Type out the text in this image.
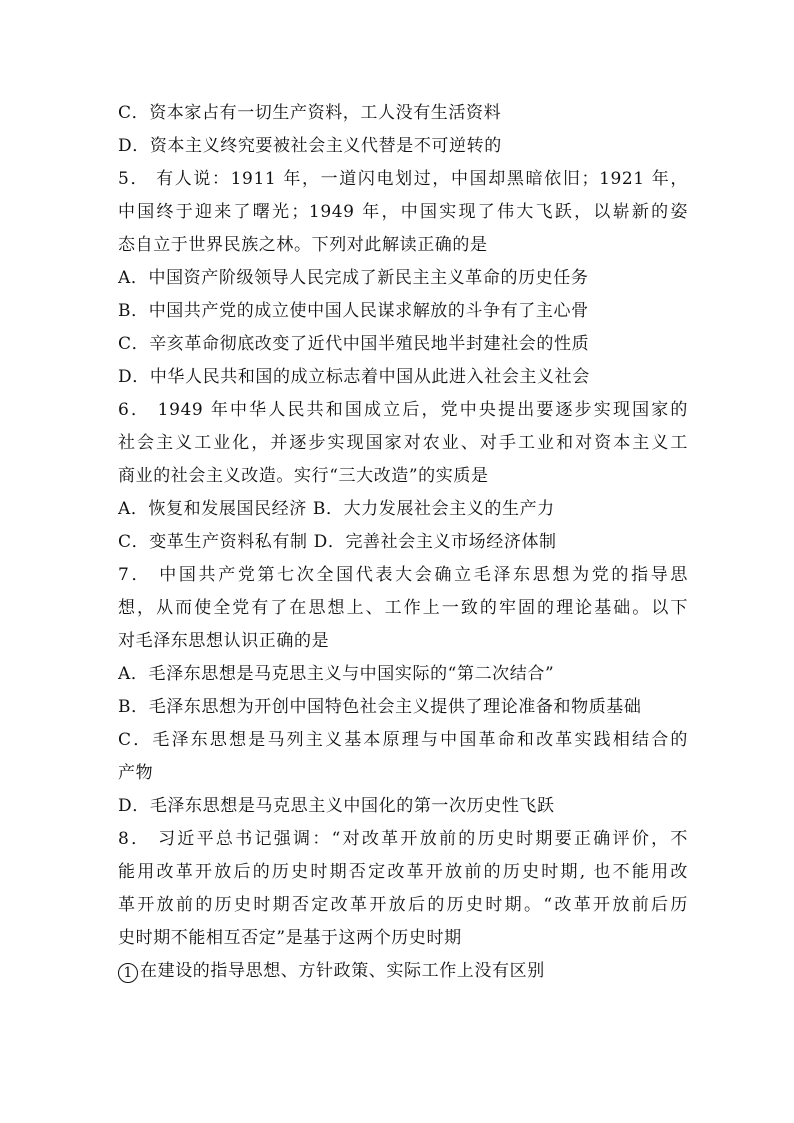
C．资本家占有一切生产资料，工人没有生活资料
D．资本主义终究要被社会主义代替是不可逆转的
5． 有人说：1911 年，一道闪电划过，中国却黑暗依旧；1921 年，
中国终于迎来了曙光；1949 年，中国实现了伟大飞跃，以崭新的姿
态自立于世界民族之林。下列对此解读正确的是
A．中国资产阶级领导人民完成了新民主主义革命的历史任务
B．中国共产党的成立使中国人民谋求解放的斗争有了主心骨
C．辛亥革命彻底改变了近代中国半殖民地半封建社会的性质
D．中华人民共和国的成立标志着中国从此进入社会主义社会
6． 1949 年中华人民共和国成立后，党中央提出要逐步实现国家的
社会主义工业化，并逐步实现国家对农业、对手工业和对资本主义工
商业的社会主义改造。实行“三大改造”的实质是
A．恢复和发展国民经济 B．大力发展社会主义的生产力
C．变革生产资料私有制 D．完善社会主义市场经济体制
7． 中国共产党第七次全国代表大会确立毛泽东思想为党的指导思
想，从而使全党有了在思想上、工作上一致的牢固的理论基础。以下
对毛泽东思想认识正确的是
A．毛泽东思想是马克思主义与中国实际的“第二次结合”
B．毛泽东思想为开创中国特色社会主义提供了理论准备和物质基础
C．毛泽东思想是马列主义基本原理与中国革命和改革实践相结合的
产物
D．毛泽东思想是马克思主义中国化的第一次历史性飞跃
8． 习近平总书记强调：“对改革开放前的历史时期要正确评价，不
能用改革开放后的历史时期否定改革开放前的历史时期, 也不能用改
革开放前的历史时期否定改革开放后的历史时期。“改革开放前后历
史时期不能相互否定”是基于这两个历史时期
1 在建设的指导思想、方针政策、实际工作上没有区别
